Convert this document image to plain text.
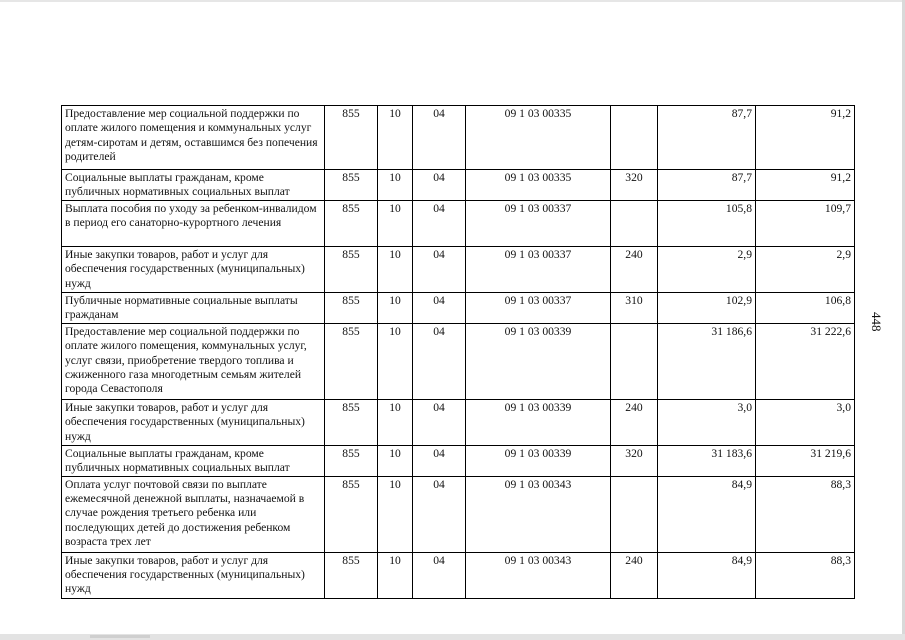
Предоставление мер социальной поддержки по оплате жилого помещения и коммунальных услуг детям-сиротам и детям, оставшимся без попечения родителей	855	10	04	09 1 03 00335		87,7	91,2
Социальные выплаты гражданам, кроме публичных нормативных социальных выплат	855	10	04	09 1 03 00335	320	87,7	91,2
Выплата пособия по уходу за ребенком-инвалидом в период его санаторно-курортного лечения	855	10	04	09 1 03 00337		105,8	109,7
Иные закупки товаров, работ и услуг для обеспечения государственных (муниципальных) нужд	855	10	04	09 1 03 00337	240	2,9	2,9
Публичные нормативные социальные выплаты гражданам	855	10	04	09 1 03 00337	310	102,9	106,8
Предоставление мер социальной поддержки по оплате жилого помещения, коммунальных услуг, услуг связи, приобретение твердого топлива и сжиженного газа многодетным семьям жителей города Севастополя	855	10	04	09 1 03 00339		31 186,6	31 222,6
Иные закупки товаров, работ и услуг для обеспечения государственных (муниципальных) нужд	855	10	04	09 1 03 00339	240	3,0	3,0
Социальные выплаты гражданам, кроме публичных нормативных социальных выплат	855	10	04	09 1 03 00339	320	31 183,6	31 219,6
Оплата услуг почтовой связи по выплате ежемесячной денежной выплаты, назначаемой в случае рождения третьего ребенка или последующих детей до достижения ребенком возраста трех лет	855	10	04	09 1 03 00343		84,9	88,3
Иные закупки товаров, работ и услуг для обеспечения государственных (муниципальных) нужд	855	10	04	09 1 03 00343	240	84,9	88,3
448
